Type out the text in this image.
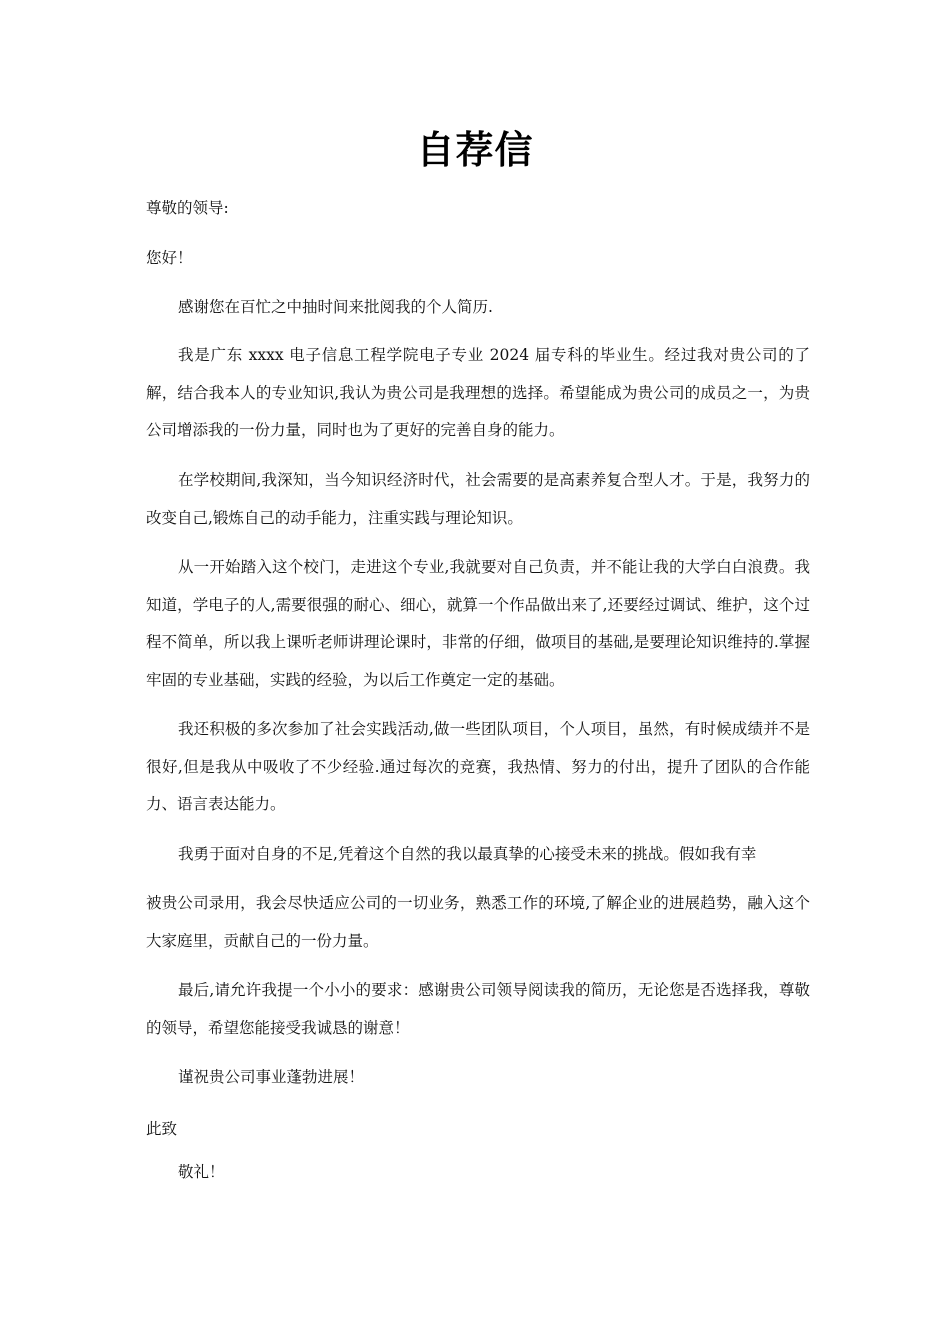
自荐信
尊敬的领导:
您好！
感谢您在百忙之中抽时间来批阅我的个人简历.
我是广东 xxxx 电子信息工程学院电子专业 2024 届专科的毕业生。经过我对贵公司的了解，结合我本人的专业知识,我认为贵公司是我理想的选择。希望能成为贵公司的成员之一，为贵公司增添我的一份力量，同时也为了更好的完善自身的能力。
在学校期间,我深知，当今知识经济时代，社会需要的是高素养复合型人才。于是，我努力的改变自己,锻炼自己的动手能力，注重实践与理论知识。
从一开始踏入这个校门，走进这个专业,我就要对自己负责，并不能让我的大学白白浪费。我知道，学电子的人,需要很强的耐心、细心，就算一个作品做出来了,还要经过调试、维护，这个过程不简单，所以我上课听老师讲理论课时，非常的仔细，做项目的基础,是要理论知识维持的.掌握牢固的专业基础，实践的经验，为以后工作奠定一定的基础。
我还积极的多次参加了社会实践活动,做一些团队项目，个人项目，虽然，有时候成绩并不是很好,但是我从中吸收了不少经验.通过每次的竞赛，我热情、努力的付出，提升了团队的合作能力、语言表达能力。
我勇于面对自身的不足,凭着这个自然的我以最真挚的心接受未来的挑战。假如我有幸
被贵公司录用，我会尽快适应公司的一切业务，熟悉工作的环境,了解企业的进展趋势，融入这个大家庭里，贡献自己的一份力量。
最后,请允许我提一个小小的要求：感谢贵公司领导阅读我的简历，无论您是否选择我，尊敬的领导，希望您能接受我诚恳的谢意！
谨祝贵公司事业蓬勃进展！
此致
敬礼！
